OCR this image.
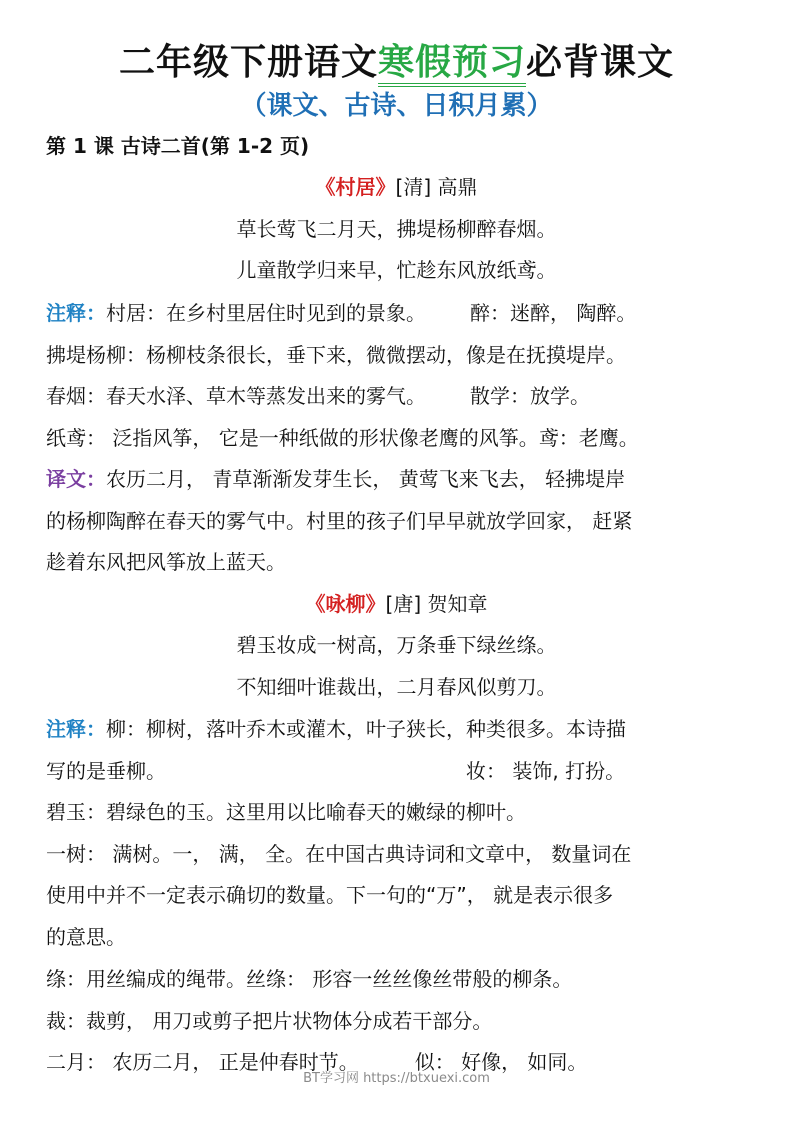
二年级下册语文寒假预习必背课文
（课文、古诗、日积月累）
第 1 课 古诗二首(第 1-2 页)
《村居》[清] 高鼎
草长莺飞二月天，拂堤杨柳醉春烟。
儿童散学归来早，忙趁东风放纸鸢。
注释：村居：在乡村里居住时见到的景象。 醉：迷醉， 陶醉。
拂堤杨柳：杨柳枝条很长，垂下来，微微摆动，像是在抚摸堤岸。
春烟：春天水泽、草木等蒸发出来的雾气。 散学：放学。
纸鸢： 泛指风筝， 它是一种纸做的形状像老鹰的风筝。鸢：老鹰。
译文：农历二月， 青草渐渐发芽生长， 黄莺飞来飞去， 轻拂堤岸
的杨柳陶醉在春天的雾气中。村里的孩子们早早就放学回家， 赶紧
趁着东风把风筝放上蓝天。
《咏柳》[唐] 贺知章
碧玉妆成一树高，万条垂下绿丝绦。
不知细叶谁裁出，二月春风似剪刀。
注释：柳：柳树，落叶乔木或灌木，叶子狭长，种类很多。本诗描
写的是垂柳。	妆： 装饰, 打扮。
碧玉：碧绿色的玉。这里用以比喻春天的嫩绿的柳叶。
一树： 满树。一， 满， 全。在中国古典诗词和文章中， 数量词在
使用中并不一定表示确切的数量。下一句的“万”， 就是表示很多
的意思。
绦：用丝编成的绳带。丝绦： 形容一丝丝像丝带般的柳条。
裁：裁剪， 用刀或剪子把片状物体分成若干部分。
二月： 农历二月， 正是仲春时节。	似： 好像， 如同。
BT学习网 https://btxuexi.com
